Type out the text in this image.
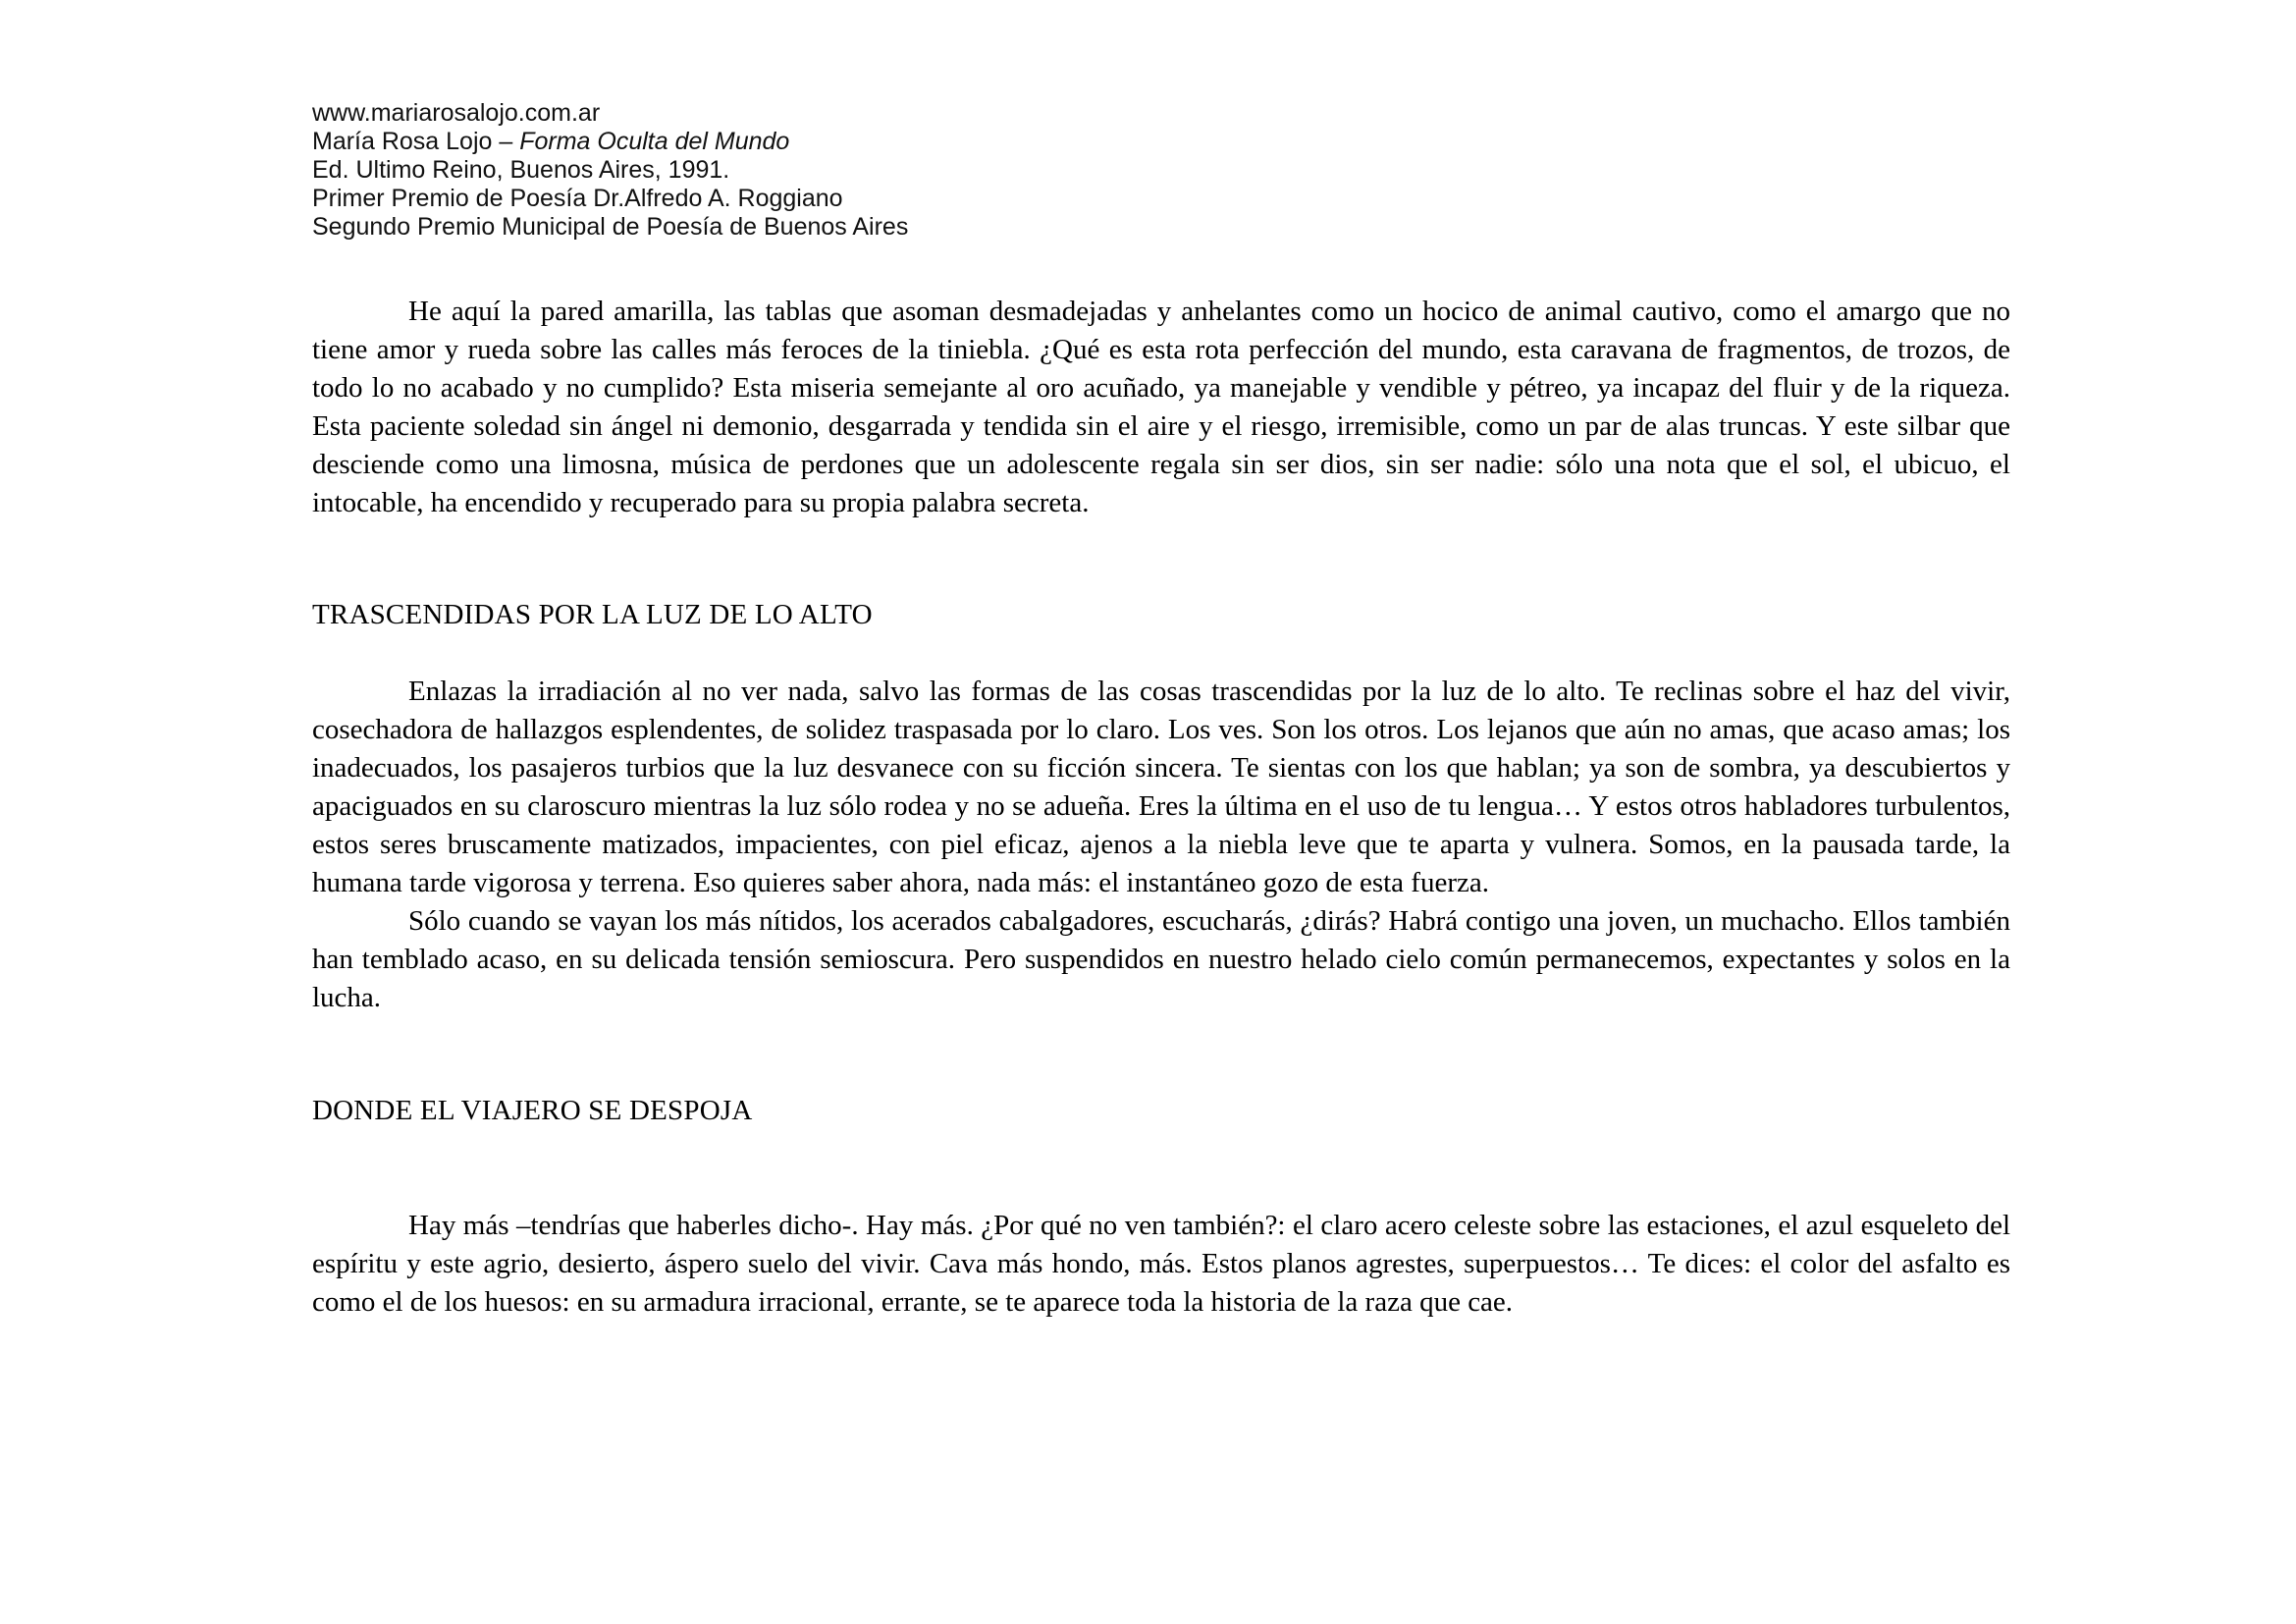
www.mariarosalojo.com.ar
María Rosa Lojo – Forma Oculta del Mundo
Ed. Ultimo Reino, Buenos Aires, 1991.
Primer Premio de Poesía Dr.Alfredo A. Roggiano
Segundo Premio Municipal de Poesía de Buenos Aires

He aquí la pared amarilla, las tablas que asoman desmadejadas y anhelantes como un hocico de animal cautivo, como el amargo que no tiene amor y rueda sobre las calles más feroces de la tiniebla. ¿Qué es esta rota perfección del mundo, esta caravana de fragmentos, de trozos, de todo lo no acabado y no cumplido? Esta miseria semejante al oro acuñado, ya manejable y vendible y pétreo, ya incapaz del fluir y de la riqueza. Esta paciente soledad sin ángel ni demonio, desgarrada y tendida sin el aire y el riesgo, irremisible, como un par de alas truncas. Y este silbar que desciende como una limosna, música de perdones que un adolescente regala sin ser dios, sin ser nadie: sólo una nota que el sol, el ubicuo, el intocable, ha encendido y recuperado para su propia palabra secreta.

TRASCENDIDAS POR LA LUZ DE LO ALTO

Enlazas la irradiación al no ver nada, salvo las formas de las cosas trascendidas por la luz de lo alto. Te reclinas sobre el haz del vivir, cosechadora de hallazgos esplendentes, de solidez traspasada por lo claro. Los ves. Son los otros. Los lejanos que aún no amas, que acaso amas; los inadecuados, los pasajeros turbios que la luz desvanece con su ficción sincera. Te sientas con los que hablan; ya son de sombra, ya descubiertos y apaciguados en su claroscuro mientras la luz sólo rodea y no se adueña. Eres la última en el uso de tu lengua… Y estos otros habladores turbulentos, estos seres bruscamente matizados, impacientes, con piel eficaz, ajenos a la niebla leve que te aparta y vulnera. Somos, en la pausada tarde, la humana tarde vigorosa y terrena. Eso quieres saber ahora, nada más: el instantáneo gozo de esta fuerza.

Sólo cuando se vayan los más nítidos, los acerados cabalgadores, escucharás, ¿dirás? Habrá contigo una joven, un muchacho. Ellos también han temblado acaso, en su delicada tensión semioscura. Pero suspendidos en nuestro helado cielo común permanecemos, expectantes y solos en la lucha.

DONDE EL VIAJERO SE DESPOJA

Hay más –tendrías que haberles dicho-. Hay más. ¿Por qué no ven también?: el claro acero celeste sobre las estaciones, el azul esqueleto del espíritu y este agrio, desierto, áspero suelo del vivir. Cava más hondo, más. Estos planos agrestes, superpuestos… Te dices: el color del asfalto es como el de los huesos: en su armadura irracional, errante, se te aparece toda la historia de la raza que cae.
